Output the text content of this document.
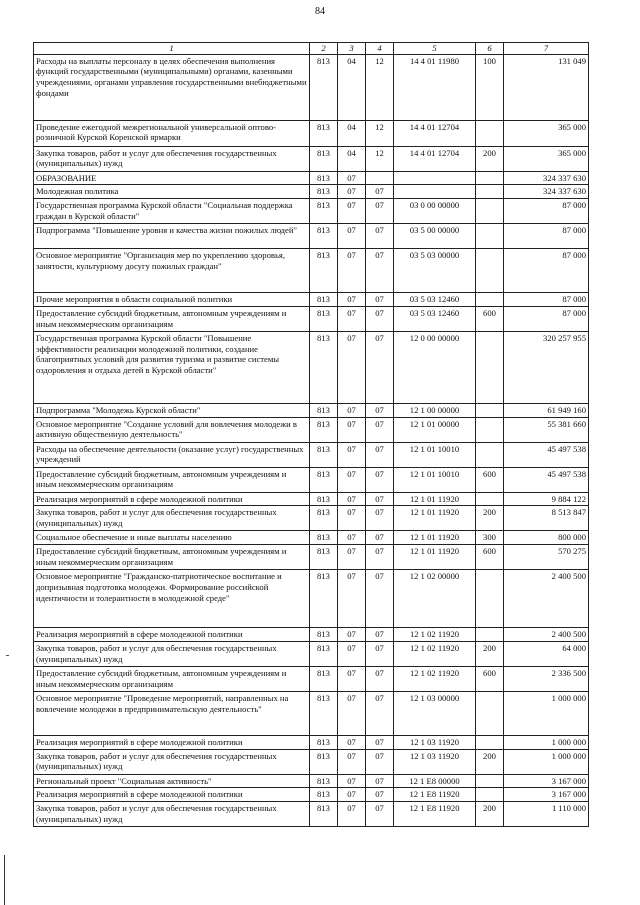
84
1	2	3	4	5	6	7
Расходы на выплаты персоналу в целях обеспечения выполнения функций государственными (муниципальными) органами, казенными учреждениями, органами управления государственными внебюджетными фондами	813	04	12	14 4 01 11980	100	131 049
Проведение ежегодной межрегиональной универсальной оптово-розничной Курской Коренской ярмарки	813	04	12	14 4 01 12704		365 000
Закупка товаров, работ и услуг для обеспечения государственных (муниципальных) нужд	813	04	12	14 4 01 12704	200	365 000
ОБРАЗОВАНИЕ	813	07				324 337 630
Молодежная политика	813	07	07			324 337 630
Государственная программа Курской области "Социальная поддержка граждан в Курской области"	813	07	07	03 0 00 00000		87 000
Подпрограмма "Повышение уровня и качества жизни пожилых людей"	813	07	07	03 5 00 00000		87 000
Основное мероприятие "Организация мер по укреплению здоровья, занятости, культурному досугу пожилых граждан"	813	07	07	03 5 03 00000		87 000
Прочие мероприятия в области социальной политики	813	07	07	03 5 03 12460		87 000
Предоставление субсидий бюджетным, автономным учреждениям и иным некоммерческим организациям	813	07	07	03 5 03 12460	600	87 000
Государственная программа Курской области "Повышение эффективности реализации молодежной политики, создание благоприятных условий для развития туризма и развитие системы оздоровления и отдыха детей в Курской области"	813	07	07	12 0 00 00000		320 257 955
Подпрограмма "Молодежь Курской области"	813	07	07	12 1 00 00000		61 949 160
Основное мероприятие "Создание условий для вовлечения молодежи в активную общественную деятельность"	813	07	07	12 1 01 00000		55 381 660
Расходы на обеспечение деятельности (оказание услуг) государственных учреждений	813	07	07	12 1 01 10010		45 497 538
Предоставление субсидий бюджетным, автономным учреждениям и иным некоммерческим организациям	813	07	07	12 1 01 10010	600	45 497 538
Реализация мероприятий в сфере молодежной политики	813	07	07	12 1 01 11920		9 884 122
Закупка товаров, работ и услуг для обеспечения государственных (муниципальных) нужд	813	07	07	12 1 01 11920	200	8 513 847
Социальное обеспечение и иные выплаты населению	813	07	07	12 1 01 11920	300	800 000
Предоставление субсидий бюджетным, автономным учреждениям и иным некоммерческим организациям	813	07	07	12 1 01 11920	600	570 275
Основное мероприятие "Гражданско-патриотическое воспитание и допризывная подготовка молодежи. Формирование российской идентичности и толерантности в молодежной среде"	813	07	07	12 1 02 00000		2 400 500
Реализация мероприятий в сфере молодежной политики	813	07	07	12 1 02 11920		2 400 500
Закупка товаров, работ и услуг для обеспечения государственных (муниципальных) нужд	813	07	07	12 1 02 11920	200	64 000
Предоставление субсидий бюджетным, автономным учреждениям и иным некоммерческим организациям	813	07	07	12 1 02 11920	600	2 336 500
Основное мероприятие "Проведение мероприятий, направленных на вовлечение молодежи в предпринимательскую деятельность"	813	07	07	12 1 03 00000		1 000 000
Реализация мероприятий в сфере молодежной политики	813	07	07	12 1 03 11920		1 000 000
Закупка товаров, работ и услуг для обеспечения государственных (муниципальных) нужд	813	07	07	12 1 03 11920	200	1 000 000
Региональный проект "Социальная активность"	813	07	07	12 1 E8 00000		3 167 000
Реализация мероприятий в сфере молодежной политики	813	07	07	12 1 E8 11920		3 167 000
Закупка товаров, работ и услуг для обеспечения государственных (муниципальных) нужд	813	07	07	12 1 E8 11920	200	1 110 000
